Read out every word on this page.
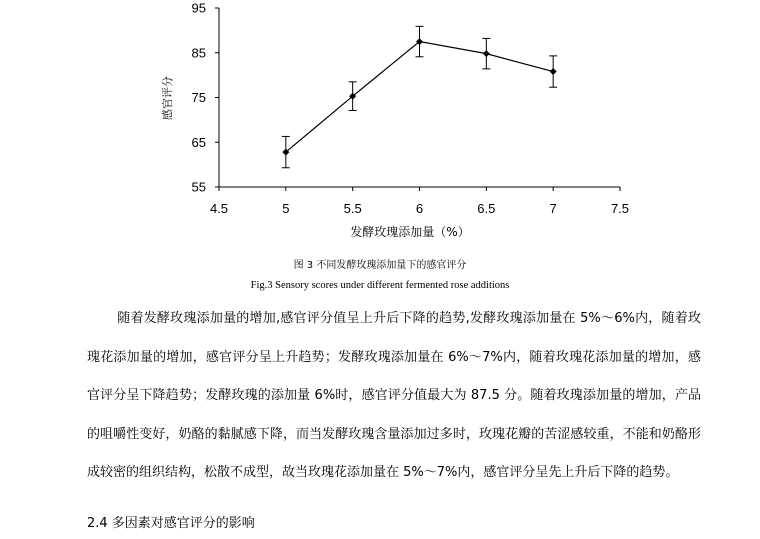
55
65
75
85
95
4.5	5	5.5	6	6.5	7	7.5
感官评分
发酵玫瑰添加量（%）
图 3 不同发酵玫瑰添加量下的感官评分
Fig.3 Sensory scores under different fermented rose additions

随着发酵玫瑰添加量的增加,感官评分值呈上升后下降的趋势,发酵玫瑰添加量在 5%～6%内，随着玫瑰花添加量的增加，感官评分呈上升趋势；发酵玫瑰添加量在 6%～7%内，随着玫瑰花添加量的增加，感官评分呈下降趋势；发酵玫瑰的添加量 6%时，感官评分值最大为 87.5 分。随着玫瑰添加量的增加，产品的咀嚼性变好，奶酪的黏腻感下降，而当发酵玫瑰含量添加过多时，玫瑰花瓣的苦涩感较重，不能和奶酪形成较密的组织结构，松散不成型，故当玫瑰花添加量在 5%～7%内，感官评分呈先上升后下降的趋势。

2.4 多因素对感官评分的影响
